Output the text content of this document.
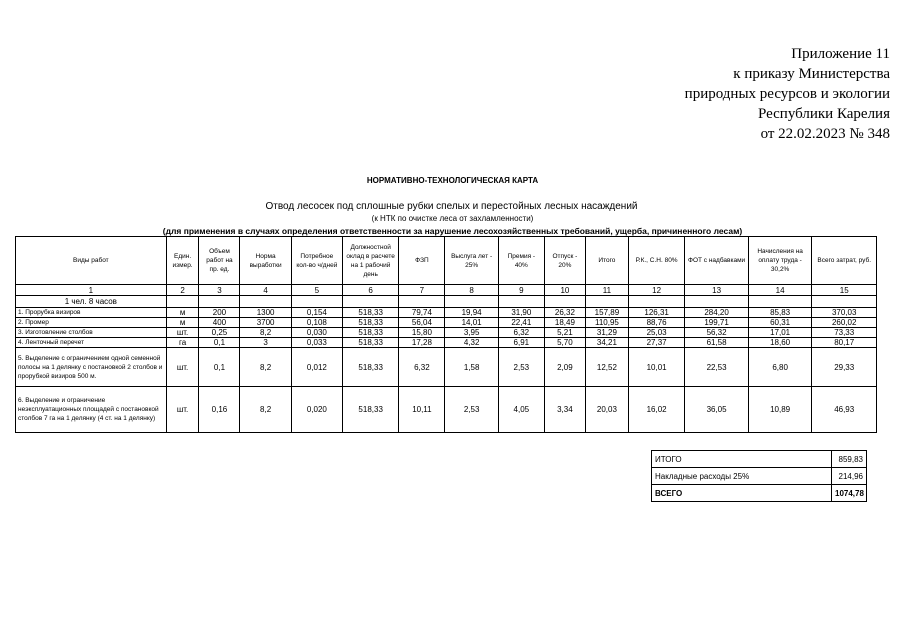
Приложение 11
к приказу Министерства
природных ресурсов и экологии
Республики Карелия
от 22.02.2023 № 348
НОРМАТИВНО-ТЕХНОЛОГИЧЕСКАЯ КАРТА
Отвод лесосек под сплошные рубки спелых и перестойных лесных насаждений
(к НТК по очистке леса от захламленности)
(для применения в случаях определения ответственности за нарушение лесохозяйственных требований, ущерба, причиненного лесам)
Виды работ	Един. измер.	Объем работ на пр. ед.	Норма выработки	Потребное кол-во ч/дней	Должностной оклад в расчете на 1 рабочий день	ФЗП	Выслуга лет - 25%	Премия - 40%	Отпуск - 20%	Итого	Р.К., С.Н. 80%	ФОТ с надбавками	Начисления на оплату труда - 30,2%	Всего затрат, руб.
1	2	3	4	5	6	7	8	9	10	11	12	13	14	15
1 чел. 8 часов														
1. Прорубка визиров	м	200	1300	0,154	518,33	79,74	19,94	31,90	26,32	157,89	126,31	284,20	85,83	370,03
2. Промер	м	400	3700	0,108	518,33	56,04	14,01	22,41	18,49	110,95	88,76	199,71	60,31	260,02
3. Изготовление столбов	шт.	0,25	8,2	0,030	518,33	15,80	3,95	6,32	5,21	31,29	25,03	56,32	17,01	73,33
4. Ленточный перечет	га	0,1	3	0,033	518,33	17,28	4,32	6,91	5,70	34,21	27,37	61,58	18,60	80,17
5. Выделение с ограничением одной семенной полосы на 1 делянку с постановкой 2 столбов и прорубкой визиров 500 м.	шт.	0,1	8,2	0,012	518,33	6,32	1,58	2,53	2,09	12,52	10,01	22,53	6,80	29,33
6. Выделение и ограничение неэксплуатационных площадей с постановкой столбов 7 га на 1 делянку (4 ст. на 1 делянку)	шт.	0,16	8,2	0,020	518,33	10,11	2,53	4,05	3,34	20,03	16,02	36,05	10,89	46,93
ИТОГО	859,83
Накладные расходы 25%	214,96
ВСЕГО	1074,78
